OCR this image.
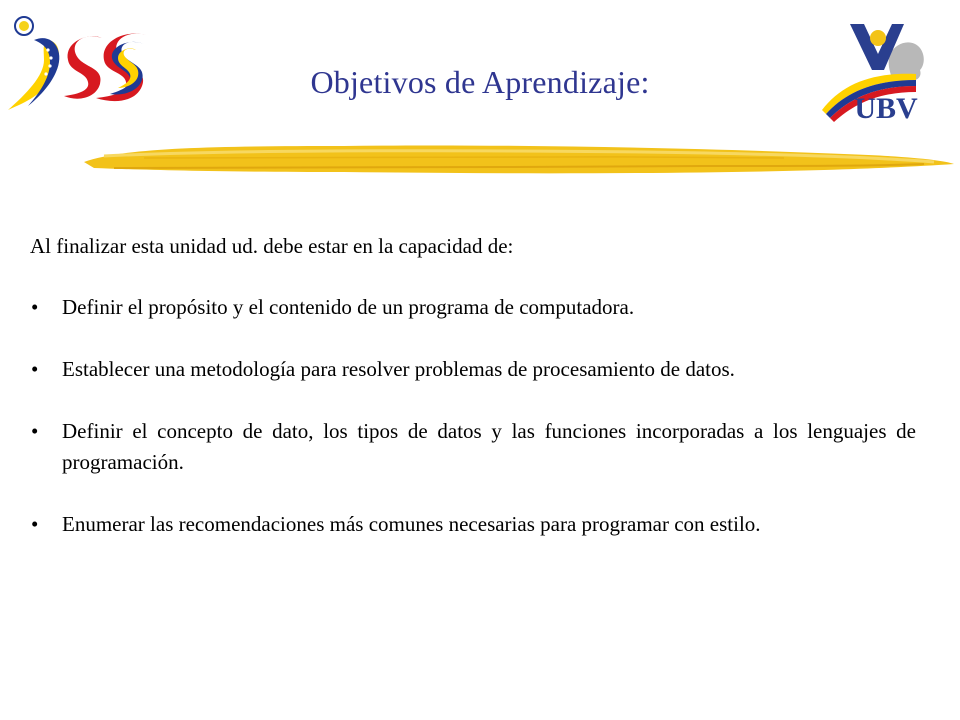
Objetivos de Aprendizaje:
UBV

Al finalizar esta unidad ud. debe estar en la capacidad de:

• Definir el propósito y el contenido de un programa de computadora.
• Establecer una metodología para resolver problemas de procesamiento de datos.
• Definir el concepto de dato, los tipos de datos y las funciones incorporadas a los lenguajes de programación.
• Enumerar las recomendaciones más comunes necesarias para programar con estilo.
